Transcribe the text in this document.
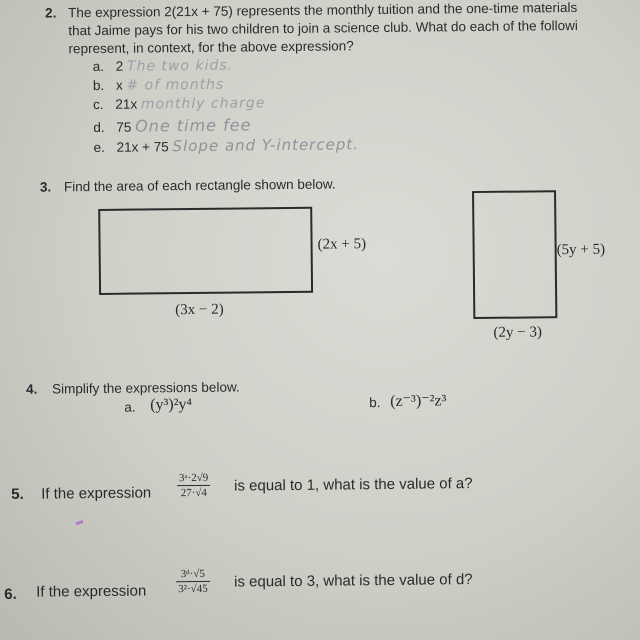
2. The expression 2(21x + 75) represents the monthly tuition and the one-time materials
that Jaime pays for his two children to join a science club. What do each of the followi
represent, in context, for the above expression?
a. 2 The two kids.
b. x # of months
c. 21x monthly charge
d. 75 One time fee
e. 21x + 75 Slope and Y-intercept.
3. Find the area of each rectangle shown below.
(2x + 5)
(3x − 2)
(5y + 5)
(2y − 3)
4. Simplify the expressions below.
a. (y³)²y⁴	b. (z⁻³)⁻²z³
5. If the expression
3ᵃ·2√9
27·√4 is equal to 1, what is the value of a?
6. If the expression
3ᵈ·√5
3²·√45 is equal to 3, what is the value of d?
